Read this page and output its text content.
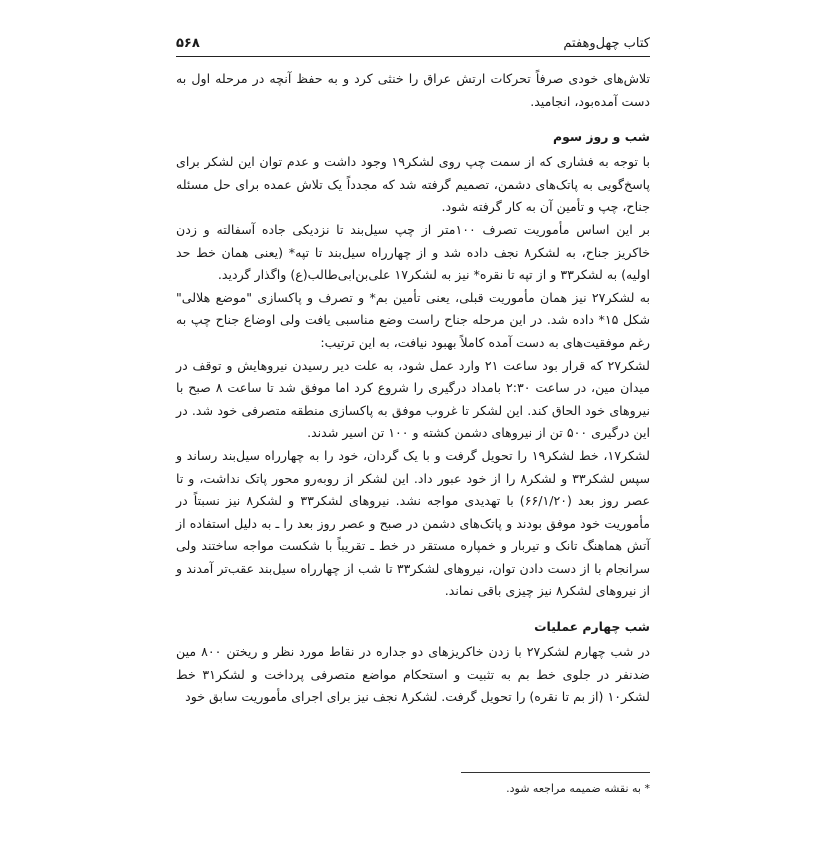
کتاب چهل‌وهفتم
۵۶۸

تلاش‌های خودی صرفاً تحرکات ارتش عراق را خنثی کرد و به حفظ آنچه در مرحله اول به دست آمده‌بود، انجامید.

شب و روز سوم

با توجه به فشاری که از سمت چپ روی لشکر۱۹ وجود داشت و عدم توان این لشکر برای پاسخ‌گویی به پاتک‌های دشمن، تصمیم گرفته شد که مجدداً یک تلاش عمده برای حل مسئله جناح، چپ و تأمین آن به کار گرفته شود.

بر این اساس مأموریت تصرف ۱۰۰متر از چپ سیل‌بند تا نزدیکی جاده آسفالته و زدن خاکریز جناح، به لشکر۸ نجف داده شد و از چهارراه سیل‌بند تا تپه* (یعنی همان خط حد اولیه) به لشکر۳۳ و از تپه تا نقره* نیز به لشکر۱۷ علی‌بن‌ابی‌طالب(ع) واگذار گردید.

به لشکر۲۷ نیز همان مأموریت قبلی، یعنی تأمین بم* و تصرف و پاکسازی "موضع هلالی" شکل ۱۵* داده شد. در این مرحله جناح راست وضع مناسبی یافت ولی اوضاع جناح چپ به رغم موفقیت‌های به دست آمده کاملاً بهبود نیافت، به این ترتیب:

لشکر۲۷ که قرار بود ساعت ۲۱ وارد عمل شود، به علت دیر رسیدن نیروهایش و توقف در میدان مین، در ساعت ۲:۳۰ بامداد درگیری را شروع کرد اما موفق شد تا ساعت ۸ صبح با نیروهای خود الحاق کند. این لشکر تا غروب موفق به پاکسازی منطقه متصرفی خود شد. در این درگیری ۵۰۰ تن از نیروهای دشمن کشته و ۱۰۰ تن اسیر شدند.

لشکر۱۷، خط لشکر۱۹ را تحویل گرفت و با یک گردان، خود را به چهارراه سیل‌بند رساند و سپس لشکر۳۳ و لشکر۸ را از خود عبور داد. این لشکر از روبه‌رو محور پاتک نداشت، و تا عصر روز بعد (۶۶/۱/۲۰) با تهدیدی مواجه نشد. نیروهای لشکر۳۳ و لشکر۸ نیز نسبتاً در مأموریت خود موفق بودند و پاتک‌های دشمن در صبح و عصر روز بعد را ـ به دلیل استفاده از آتش هماهنگ تانک و تیربار و خمپاره مستقر در خط ـ تقریباً با شکست مواجه ساختند ولی سرانجام با از دست دادن توان، نیروهای لشکر۳۳ تا شب از چهارراه سیل‌بند عقب‌تر آمدند و از نیروهای لشکر۸ نیز چیزی باقی نماند.

شب چهارم عملیات

در شب چهارم لشکر۲۷ با زدن خاکریزهای دو جداره در نقاط مورد نظر و ریختن ۸۰۰ مین ضدنفر در جلوی خط بم به تثبیت و استحکام مواضع متصرفی پرداخت و لشکر۳۱ خط لشکر۱۰ (از بم تا نقره) را تحویل گرفت. لشکر۸ نجف نیز برای اجرای مأموریت سابق خود

* به نقشه ضمیمه مراجعه شود.
